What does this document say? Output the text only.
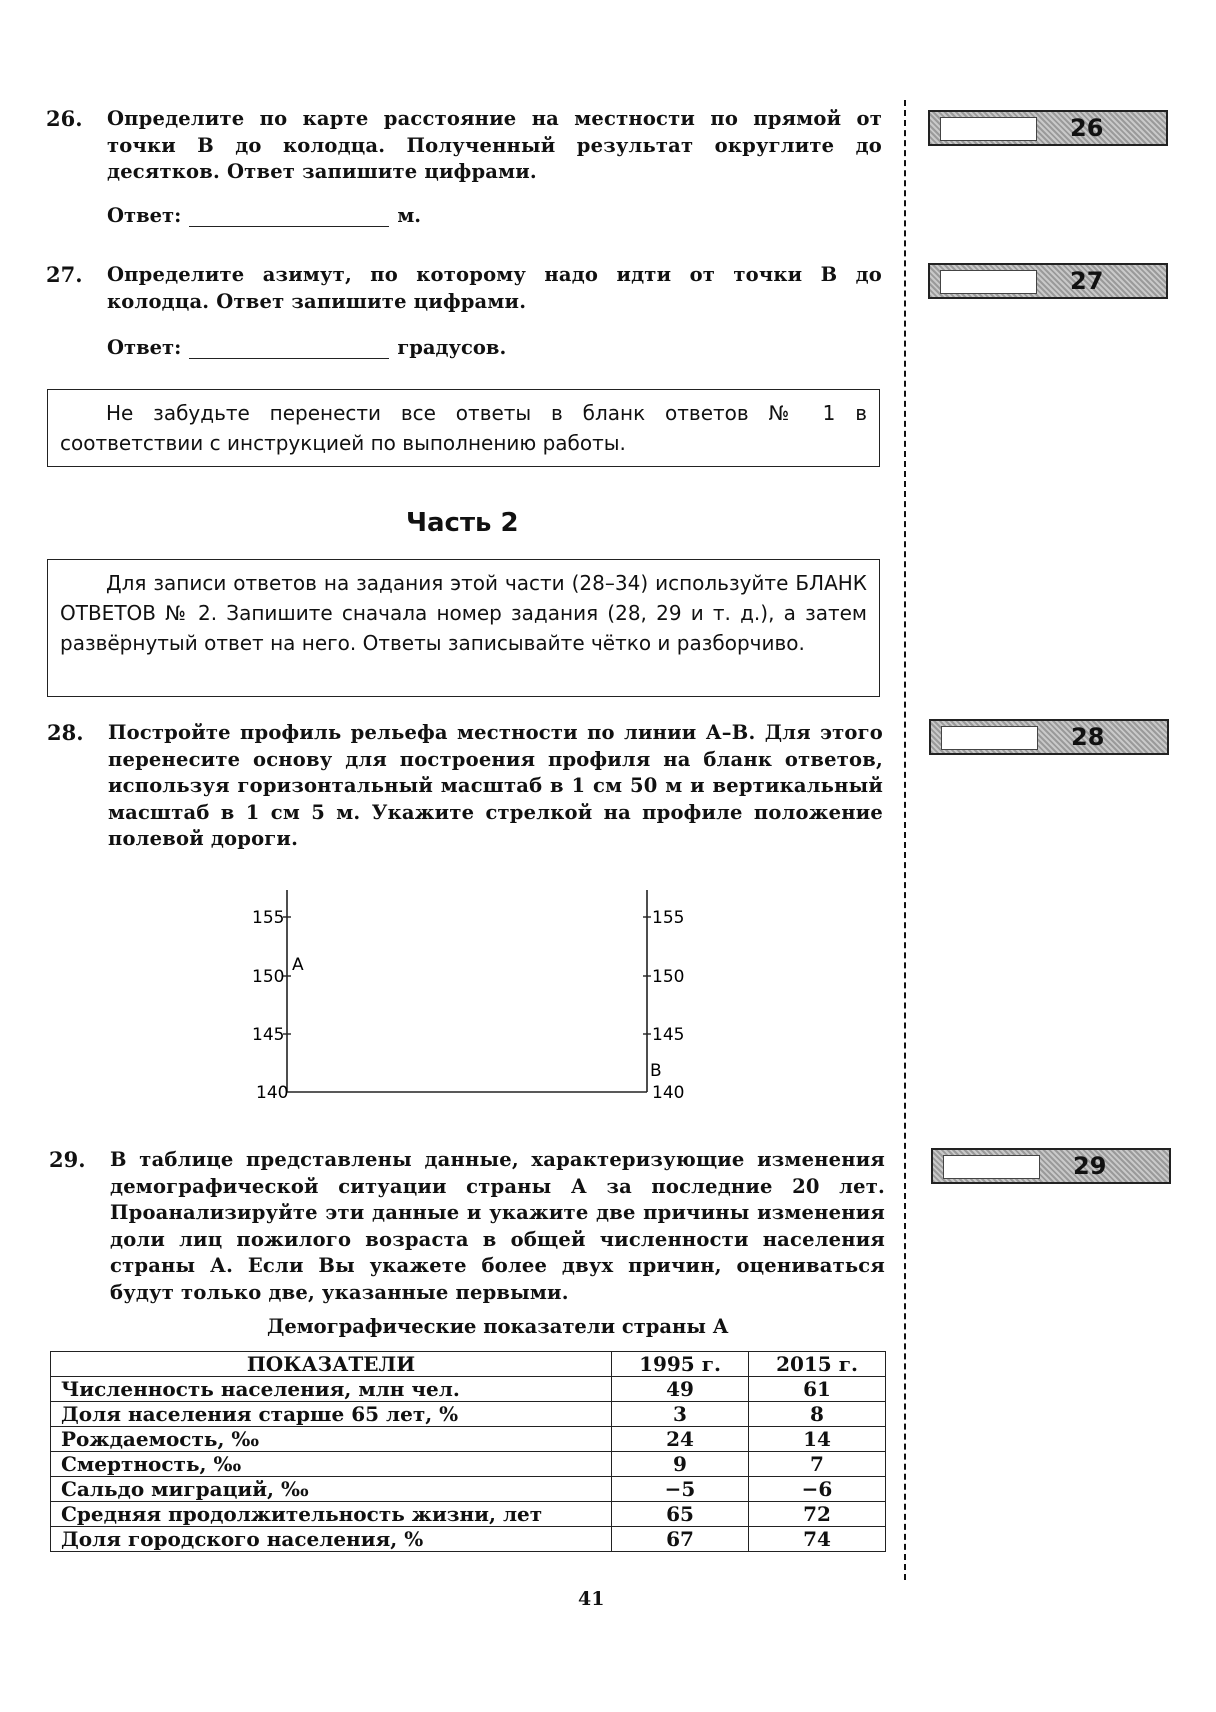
26. Определите по карте расстояние на местности по прямой от точки В до колодца. Полученный результат округлите до десятков. Ответ запишите цифрами.
Ответ:	м.
27. Определите азимут, по которому надо идти от точки В до колодца. Ответ запишите цифрами.
Ответ:	градусов.
Не забудьте перенести все ответы в бланк ответов № 1 в соответствии с инструкцией по выполнению работы.
Часть 2
Для записи ответов на задания этой части (28–34) используйте БЛАНК ОТВЕТОВ № 2. Запишите сначала номер задания (28, 29 и т. д.), а затем развёрнутый ответ на него. Ответы записывайте чётко и разборчиво.
28. Постройте профиль рельефа местности по линии А–В. Для этого перенесите основу для построения профиля на бланк ответов, используя горизонтальный масштаб в 1 см 50 м и вертикальный масштаб в 1 см 5 м. Укажите стрелкой на профиле положение полевой дороги.
155
150
145
140
155
150
145
140
А
В
29. В таблице представлены данные, характеризующие изменения демографической ситуации страны А за последние 20 лет. Проанализируйте эти данные и укажите две причины изменения доли лиц пожилого возраста в общей численности населения страны А. Если Вы укажете более двух причин, оцениваться будут только две, указанные первыми.
Демографические показатели страны А
ПОКАЗАТЕЛИ	1995 г.	2015 г.
Численность населения, млн чел.	49	61
Доля населения старше 65 лет, %	3	8
Рождаемость, ‰	24	14
Смертность, ‰	9	7
Сальдо миграций, ‰	−5	−6
Средняя продолжительность жизни, лет	65	72
Доля городского населения, %	67	74
41
26
27
28
29
